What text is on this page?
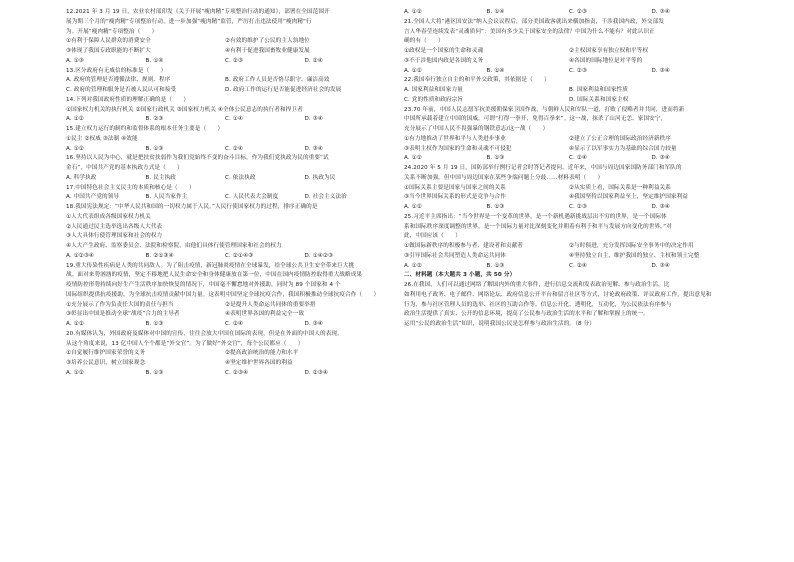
12.2021 年 3 月 19 日，农业农村部印发《关于开展“瘦肉精”专项整治行动的通知》，部署在全国范围开
展为期三个月的“瘦肉精”专项整治行动，进一步加强“瘦肉精”监管，严厉打击违法使用“瘦肉精”行
为。开展“瘦肉精”专项整治（　　）
①有利于保障人民群众的消费安全	②有效的维护了公民的主人翁地位
③体现了我国专政职能的不断扩大	④有利于促进我国畜牧业健康发展
A. ①③	B. ①④	C. ②③	D. ②④
13.区分政府有无威信的标准是（　　）
A. 政府的管理是否遵循法律、规则、程序	B. 政府工作人员是否恪尽职守、廉洁高效
C. 政府的管理和服务是否被人民认可和接受	D. 政府工作的运行是否能促进经济社会的发展
14.下列对我国政府性质的理解正确的是（　　）
①国家权力机关的执行机关 ②国家行政机关 ③国家权力机关 ④全体公民意志的执行者和捍卫者
A. ①②	B. ②③	C. ①④	D. ③④
15.建立权力运行的制约和监督体系的根本任务主要是（　　）
①民主 ②权威 ③法制 ④效能
A. ①②	B. ①③	C. ②④	D. ③④
16.坚持以人民为中心，就是把扶贫扶弱作为我们党始终不变的奋斗目标，作为我们党执政为民的重要“试
金石”，中国共产党的基本执政方式是（　　）
A. 科学执政	B. 民主执政	C. 依法执政	D. 执政为民
17.中国特色社会主义民主的本质和核心是（　　）
A. 中国共产党的领导	B. 人民当家作主	C. 人民代表大会制度	D. 社会主义法治
18.我国宪法规定：“中华人民共和国的一切权力属于人民。”人民行使国家权力的过程，排序正确的是
①人大代表组成各级国家权力机关
②人民通过民主选举选出各级人大代表
③人大具体行使管理国家和社会的权力
④人大产生政府、监察委员会、法院和检察院，由他们具体行使管理国家和社会的权力
A. ①②③④	B. ②①③④	C. ②①④③	D. ①④②③
19.重大传染性疾病是人类的共同敌人。为了阻击疫情，新冠肺炎疫情在全球暴发，给全球公共卫生安全带来巨大挑
战。面对来势汹汹的疫情，坚定不移地把人民生命安全和身体健康放在第一位，中国在国内疫情防控取得重大战略成果
疫情防控形势持续向好生产生活秩序加快恢复的情况下，中国毫不懈怠地对外援助，同时为 89 个国家和 4 个
国际组织提供抗疫援助，为全球抗击疫情贡献中国力量。这表明中国坚定全球抗疫合作，我国积极推动全球抗疫合作（　　）
①充分展示了作为负责任大国的责任与担当	②是提升人类命运共同体的重要举措
③彰显出中国是推动全球“战疫”合力的主导者	④表明世界各国的利益完全一致
A. ①②	B. ①③	C. ②④	D. ③④
20.有媒体认为，外国政府及媒体对中国的宣传，往往会放大中国在国际的表现，但是在外面的中国人的表现，
从这个角度来说，13 亿中国人个个都是“外交官”。为了做好“外交官”，每个公民都应（　　）
①自觉履行维护国家荣誉的义务	②提高政治统治的能力和水平
③培养公民意识，树立国家观念	④坚定维护世界各国的利益
A. ①②	B. ①③	C. ②③④	D. ②③④
A. ①②	B. ①④	C. ②③	D. ③④
21.全国人大将“港区国安法”纳入会议议程后，部分美国政客就出来横加指责，干涉我国内政，外交部发
言人华春莹连续发表“灵魂质问”：美国有多少关于国家安全的法律？中国为什么不能有？对此认识正
确的有（　　）
①政权是一个国家的生命和灵魂	②主权国家享有独立权和平等权
③不干涉他国内政是各国的义务	④各国的国际地位是对平等的
A. ①②	B. ①④	C. ②③	D. ③④
22.我国奉行独立自主的和平外交政策，其依据是（　　）
A. 国家利益和国家力量	B. 国家利益和国家性质
C. 党的性质和政府宗旨	D. 国际关系和国家主权
23.70 年前，中国人民志愿军抗美援朝保家卫国作战，与朝鲜人民和军队一道，打败了侵略者并共同，进而将新
中国所承载着建立中国的国威，可谓“打得一拳开，免得百拳来”。这一战，抹杀了山河无恙、家国安宁，
充分展示了中国人民不畏强暴的钢铁意志/这一战（　　）
①有力地推动了世界和平与人类进步事业	②建立了公正合理的国际政治经济新秩序
③表明主权作为国家的生命和灵魂不可侵犯	④显示了以军事实力为基础的综合国力较量
A. ①②	B. ①③	C. ②④	D. ③④
24.2020 年 5 月 19 日，国防部举行例行记者会时答记者提问，近年来，中国与周边国家国防务部门和军队的
关系不断加强，但中国与周边国家在某些争端问题上分歧……材料表明（　　）
①国际关系主要是国家与国家之间的关系	②从实质上看，国际关系是一种利益关系
③当今世界国际关系的形式是竞争与合作	④我国坚持以国家利益至上，坚定维护国家利益
A. ①②	B. ①③	C. ②③	D. ③④
25.习近平主席指出：“当今世界是一个变革的世界，是一个新机遇新挑战层出不穷的世界，是一个国际体
系和国际秩序深度调整的世界，是一个国际力量对比深刻变化并朝着有利于和平与发展方向变化的世界。”对
此，中国应该（　　）
①做国际新秩序的积极参与者、建设者和贡献者	②与时俱进，充分发挥国际安全事务中的决定作用
③引导国际社会共同塑造人类命运共同体	④坚持独立自主，维护我国的独立、主权和领土完整
A. ①②	B. ①③	C. ②④	D. ③④
二、材料题（本大题共 3 小题，共 50 分）
26.在我国，人们可以通过网络了解国内外的重大事件，进行信息交流和发表政治见解、参与政治生活，比
如利用电子政务、电子邮件、网络论坛、政府信息公开平台和留言社区等方式，讨论政府政策、评议政府工作，提出意见和
行为，参与社区管理人员的选举、社区的互助合作等。信息公开化，透明化，互动化，为公民依法有序参与
政治生活提供了真实、公开的信息环境，提高了公民参与政治生活的水平和了解和掌握上的统一。
运用“公民的政治生活”知识，说明我国公民是怎样参与政治生活的。（8 分）
